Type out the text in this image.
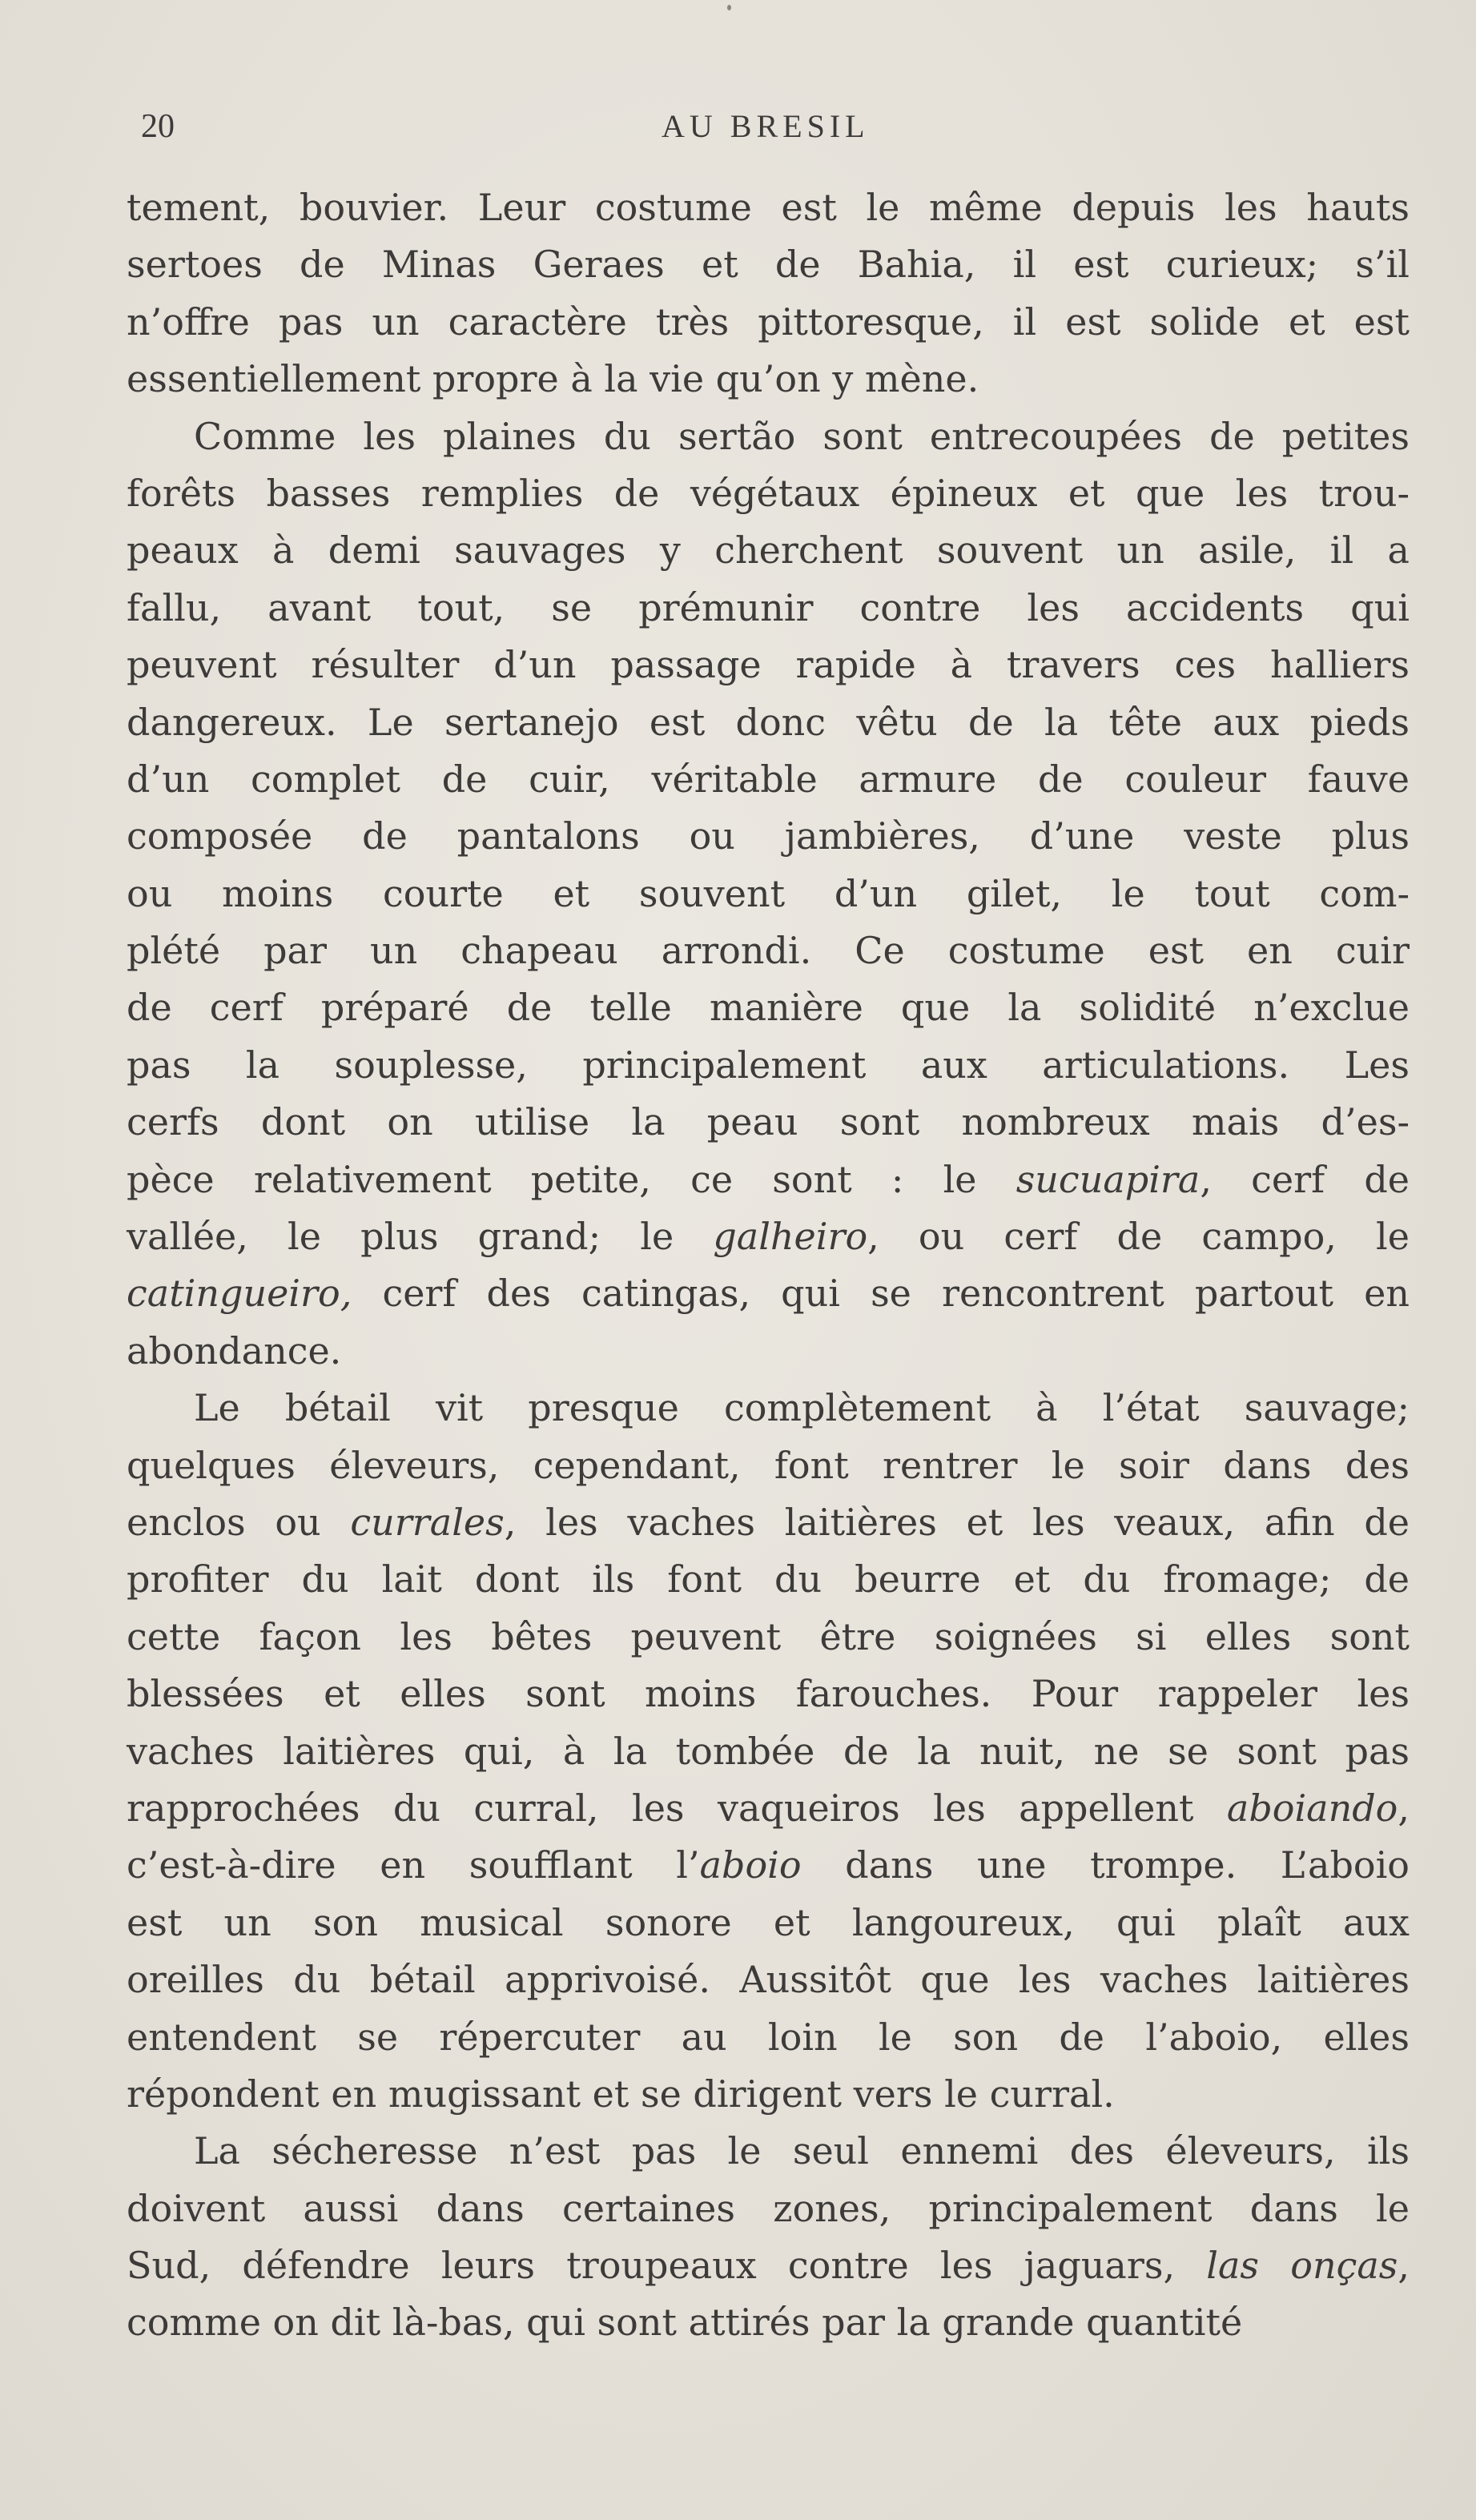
20	AU BRESIL
tement, bouvier. Leur costume est le même depuis les hauts
sertoes de Minas Geraes et de Bahia, il est curieux; s’il
n’offre pas un caractère très pittoresque, il est solide et est
essentiellement propre à la vie qu’on y mène.
Comme les plaines du sertão sont entrecoupées de petites
forêts basses remplies de végétaux épineux et que les trou-
peaux à demi sauvages y cherchent souvent un asile, il a
fallu, avant tout, se prémunir contre les accidents qui
peuvent résulter d’un passage rapide à travers ces halliers
dangereux. Le sertanejo est donc vêtu de la tête aux pieds
d’un complet de cuir, véritable armure de couleur fauve
composée de pantalons ou jambières, d’une veste plus
ou moins courte et souvent d’un gilet, le tout com-
plété par un chapeau arrondi. Ce costume est en cuir
de cerf préparé de telle manière que la solidité n’exclue
pas la souplesse, principalement aux articulations. Les
cerfs dont on utilise la peau sont nombreux mais d’es-
pèce relativement petite, ce sont : le sucuapira, cerf de
vallée, le plus grand; le galheiro, ou cerf de campo, le
catingueiro, cerf des catingas, qui se rencontrent partout en
abondance.
Le bétail vit presque complètement à l’état sauvage;
quelques éleveurs, cependant, font rentrer le soir dans des
enclos ou currales, les vaches laitières et les veaux, afin de
profiter du lait dont ils font du beurre et du fromage; de
cette façon les bêtes peuvent être soignées si elles sont
blessées et elles sont moins farouches. Pour rappeler les
vaches laitières qui, à la tombée de la nuit, ne se sont pas
rapprochées du curral, les vaqueiros les appellent aboiando,
c’est-à-dire en soufflant l’aboio dans une trompe. L’aboio
est un son musical sonore et langoureux, qui plaît aux
oreilles du bétail apprivoisé. Aussitôt que les vaches laitières
entendent se répercuter au loin le son de l’aboio, elles
répondent en mugissant et se dirigent vers le curral.
La sécheresse n’est pas le seul ennemi des éleveurs, ils
doivent aussi dans certaines zones, principalement dans le
Sud, défendre leurs troupeaux contre les jaguars, las onças,
comme on dit là-bas, qui sont attirés par la grande quantité
